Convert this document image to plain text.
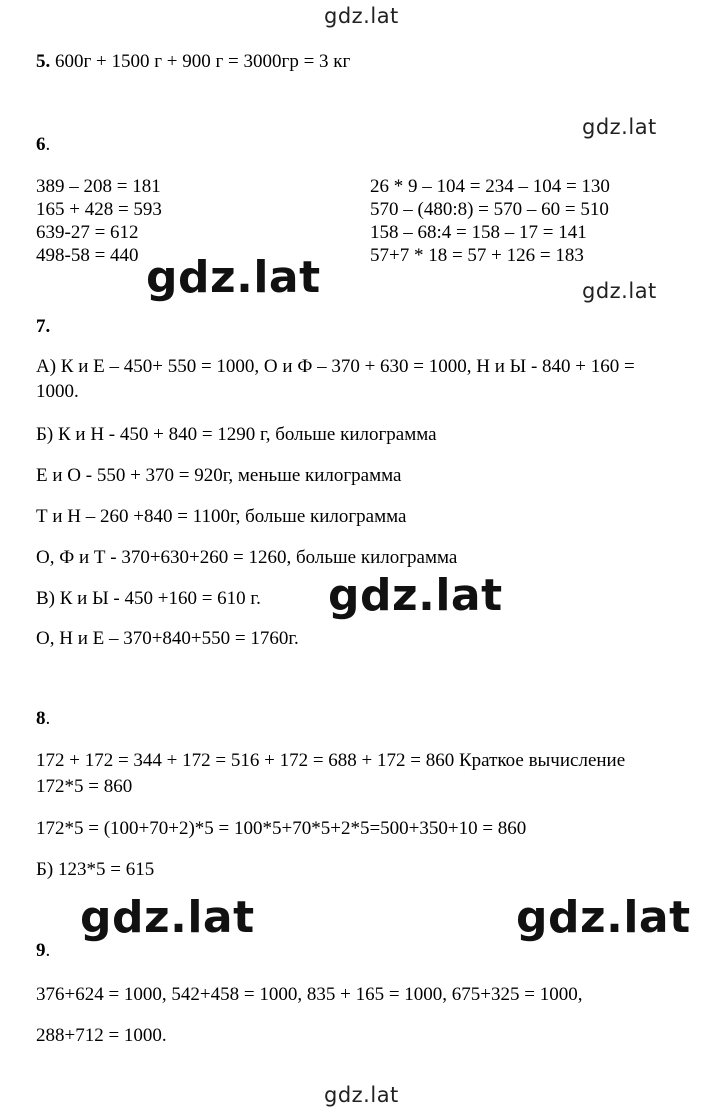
gdz.lat
gdz.lat
gdz.lat	gdz.lat
gdz.lat
gdz.lat	gdz.lat
gdz.lat
5. 600г + 1500 г + 900 г = 3000гр = 3 кг
6.
389 – 208 = 181
165 + 428 = 593
639-27 = 612
498-58 = 440
26 * 9 – 104 = 234 – 104 = 130
570 – (480:8) = 570 – 60 = 510
158 – 68:4 = 158 – 17 = 141
57+7 * 18 = 57 + 126 = 183
7.
А) К и Е – 450+ 550 = 1000, О и Ф – 370 + 630 = 1000, Н и Ы - 840 + 160 =
1000.
Б) К и Н - 450 + 840 = 1290 г, больше килограмма
Е и О - 550 + 370 = 920г, меньше килограмма
Т и Н – 260 +840 = 1100г, больше килограмма
О, Ф и Т - 370+630+260 = 1260, больше килограмма
В) К и Ы - 450 +160 = 610 г.
О, Н и Е – 370+840+550 = 1760г.
8.
172 + 172 = 344 + 172 = 516 + 172 = 688 + 172 = 860 Краткое вычисление
172*5 = 860
172*5 = (100+70+2)*5 = 100*5+70*5+2*5=500+350+10 = 860
Б) 123*5 = 615
9.
376+624 = 1000, 542+458 = 1000, 835 + 165 = 1000, 675+325 = 1000,
288+712 = 1000.
